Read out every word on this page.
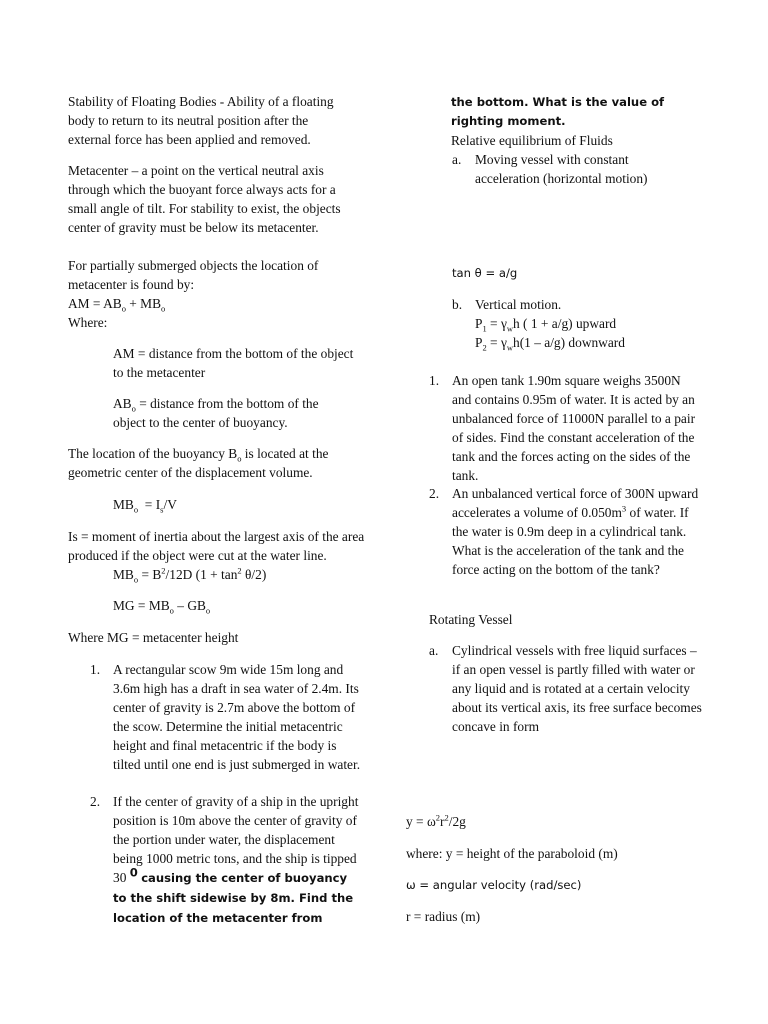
Stability of Floating Bodies - Ability of a floating body to return to its neutral position after the external force has been applied and removed.
Metacenter – a point on the vertical neutral axis through which the buoyant force always acts for a small angle of tilt. For stability to exist, the objects center of gravity must be below its metacenter.
For partially submerged objects the location of
metacenter is found by:
AM = $AB_o + MB_o$
Where:
AM = distance from the bottom of the object
to the metacenter
$AB_o$ = distance from the bottom of the
object to the center of buoyancy.
The location of the buoyancy $B_o$ is located at the
geometric center of the displacement volume.
$MB_o = I_s/V$
Is = moment of inertia about the largest axis of the area produced if the object were cut at the water line.
$MB_o = B^2/12D$ $(1 + \tan^2 \theta/2)$
MG = $MB_o - GB_o$
Where MG = metacenter height
1. A rectangular scow 9m wide 15m long and 3.6m high has a draft in sea water of 2.4m. Its center of gravity is 2.7m above the bottom of the scow. Determine the initial metacentric height and final metacentric if the body is tilted until one end is just submerged in water.
2. If the center of gravity of a ship in the upright position is 10m above the center of gravity of the portion under water, the displacement being 1000 metric tons, and the ship is tipped 30 $^0$ causing the center of buoyancy to the shift sidewise by 8m. Find the location of the metacenter from
the bottom. What is the value of righting moment.
Relative equilibrium of Fluids
a. Moving vessel with constant acceleration (horizontal motion)
tan θ = a/g
b. Vertical motion.
$P_1 = \gamma_wh$ ( 1 + a/g) upward
$P_2 = \gamma_wh(1 - a/g)$ downward
1. An open tank 1.90m square weighs 3500N and contains 0.95m of water. It is acted by an unbalanced force of 11000N parallel to a pair of sides. Find the constant acceleration of the tank and the forces acting on the sides of the tank.
2. An unbalanced vertical force of 300N upward accelerates a volume of $0.050m^3$ of water. If the water is 0.9m deep in a cylindrical tank. What is the acceleration of the tank and the force acting on the bottom of the tank?
Rotating Vessel
a. Cylindrical vessels with free liquid surfaces – if an open vessel is partly filled with water or any liquid and is rotated at a certain velocity about its vertical axis, its free surface becomes concave in form
$y = \omega^2r^2/2g$
where: y = height of the paraboloid (m)
ω = angular velocity (rad/sec)
r = radius (m)
